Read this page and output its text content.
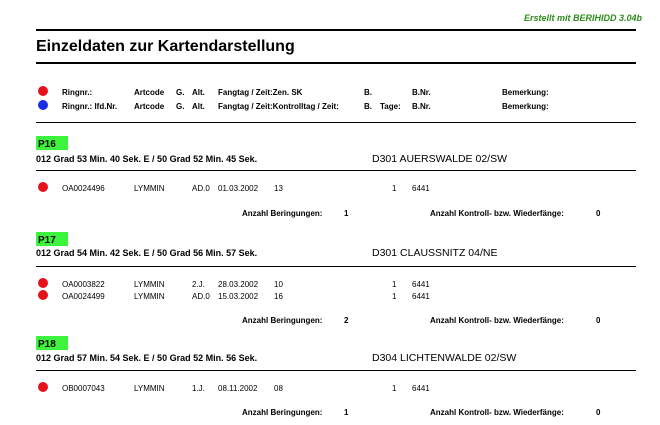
Erstellt mit BERIHIDD 3.04b
Einzeldaten zur Kartendarstellung
Ringnr.:	Artcode G. Alt. Fangtag / Zeit:Zen. SK	B.	B.Nr.	Bemerkung:
Ringnr.: lfd.Nr. Artcode G. Alt. Fangtag / Zeit:Kontrolltag / Zeit:	B. Tage: B.Nr.	Bemerkung:
P16
012 Grad 53 Min. 40 Sek. E / 50 Grad 52 Min. 45 Sek.	D301 AUERSWALDE 02/SW
OA0024496	LYMMIN	AD.0 01.03.2002 13	1 6441
Anzahl Beringungen:	1	Anzahl Kontroll- bzw. Wiederfänge:	0
P17
012 Grad 54 Min. 42 Sek. E / 50 Grad 56 Min. 57 Sek.	D301 CLAUSSNITZ 04/NE
OA0003822	LYMMIN	2.J. 28.03.2002 10	1 6441
OA0024499	LYMMIN	AD.0 15.03.2002 16	1 6441
Anzahl Beringungen:	2	Anzahl Kontroll- bzw. Wiederfänge:	0
P18
012 Grad 57 Min. 54 Sek. E / 50 Grad 52 Min. 56 Sek.	D304 LICHTENWALDE 02/SW
OB0007043	LYMMIN	1.J. 08.11.2002 08	1 6441
Anzahl Beringungen:	1	Anzahl Kontroll- bzw. Wiederfänge:	0
